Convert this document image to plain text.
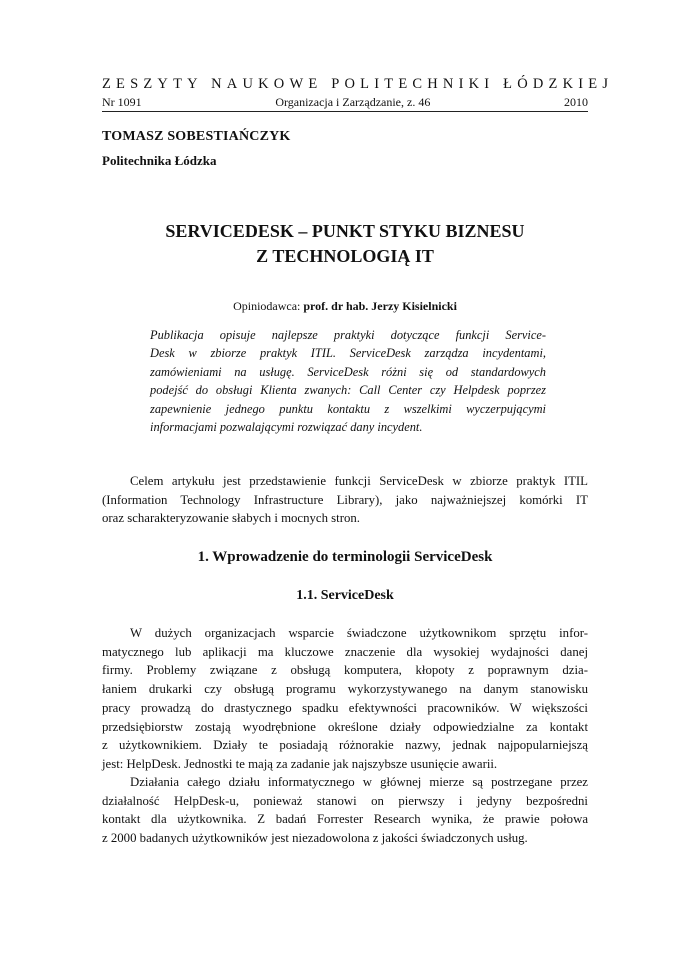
ZESZYTY NAUKOWE POLITECHNIKI ŁÓDZKIEJ
Nr 1091	Organizacja i Zarządzanie, z. 46	2010
TOMASZ SOBESTIAŃCZYK
Politechnika Łódzka
SERVICEDESK – PUNKT STYKU BIZNESU
Z TECHNOLOGIĄ IT
Opiniodawca: prof. dr hab. Jerzy Kisielnicki
Publikacja opisuje najlepsze praktyki dotyczące funkcji Service-
Desk w zbiorze praktyk ITIL. ServiceDesk zarządza incydentami,
zamówieniami na usługę. ServiceDesk różni się od standardowych
podejść do obsługi Klienta zwanych: Call Center czy Helpdesk poprzez
zapewnienie jednego punktu kontaktu z wszelkimi wyczerpującymi
informacjami pozwalającymi rozwiązać dany incydent.
Celem artykułu jest przedstawienie funkcji ServiceDesk w zbiorze praktyk ITIL
(Information Technology Infrastructure Library), jako najważniejszej komórki IT
oraz scharakteryzowanie słabych i mocnych stron.
1. Wprowadzenie do terminologii ServiceDesk
1.1. ServiceDesk
W dużych organizacjach wsparcie świadczone użytkownikom sprzętu infor-
matycznego lub aplikacji ma kluczowe znaczenie dla wysokiej wydajności danej
firmy. Problemy związane z obsługą komputera, kłopoty z poprawnym dzia-
łaniem drukarki czy obsługą programu wykorzystywanego na danym stanowisku
pracy prowadzą do drastycznego spadku efektywności pracowników. W większości
przedsiębiorstw zostają wyodrębnione określone działy odpowiedzialne za kontakt
z użytkownikiem. Działy te posiadają różnorakie nazwy, jednak najpopularniejszą
jest: HelpDesk. Jednostki te mają za zadanie jak najszybsze usunięcie awarii.
Działania całego działu informatycznego w głównej mierze są postrzegane przez
działalność HelpDesk-u, ponieważ stanowi on pierwszy i jedyny bezpośredni
kontakt dla użytkownika. Z badań Forrester Research wynika, że prawie połowa
z 2000 badanych użytkowników jest niezadowolona z jakości świadczonych usług.
